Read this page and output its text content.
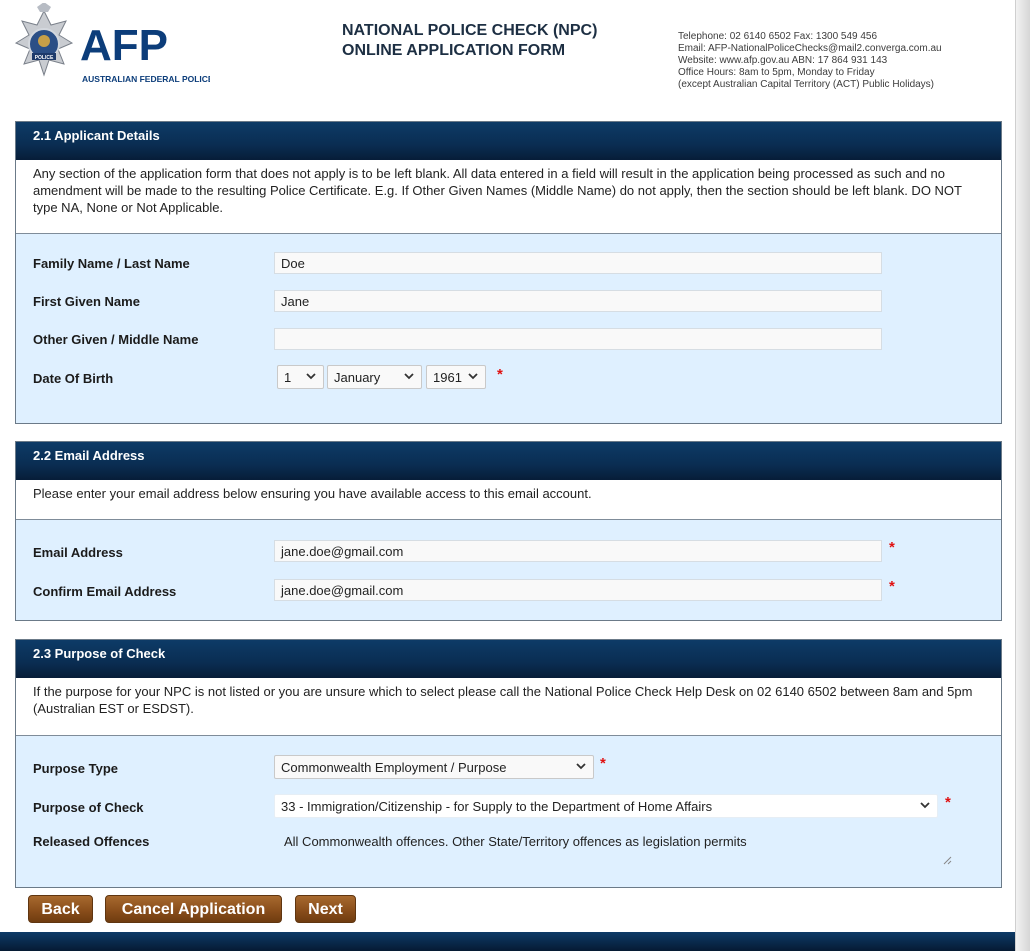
POLICE AFP
AUSTRALIAN FEDERAL POLICE
NATIONAL POLICE CHECK (NPC)
ONLINE APPLICATION FORM
Telephone: 02 6140 6502 Fax: 1300 549 456
Email: AFP-NationalPoliceChecks@mail2.converga.com.au
Website: www.afp.gov.au ABN: 17 864 931 143
Office Hours: 8am to 5pm, Monday to Friday
(except Australian Capital Territory (ACT) Public Holidays)
2.1 Applicant Details
Any section of the application form that does not apply is to be left blank. All data entered in a field will result in the application being processed as such and no amendment will be made to the resulting Police Certificate. E.g. If Other Given Names (Middle Name) do not apply, then the section should be left blank. DO NOT type NA, None or Not Applicable.
Family Name / Last Name	Doe
First Given Name	Jane
Other Given / Middle Name
Date Of Birth	1	January	1961	*
2.2 Email Address
Please enter your email address below ensuring you have available access to this email account.
Email Address	jane.doe@gmail.com	*
Confirm Email Address	jane.doe@gmail.com	*
2.3 Purpose of Check
If the purpose for your NPC is not listed or you are unsure which to select please call the National Police Check Help Desk on 02 6140 6502 between 8am and 5pm (Australian EST or ESDST).
Purpose Type	Commonwealth Employment / Purpose	*
Purpose of Check	33 - Immigration/Citizenship - for Supply to the Department of Home Affairs	*
Released Offences	All Commonwealth offences. Other State/Territory offences as legislation permits
Back	Cancel Application	Next
